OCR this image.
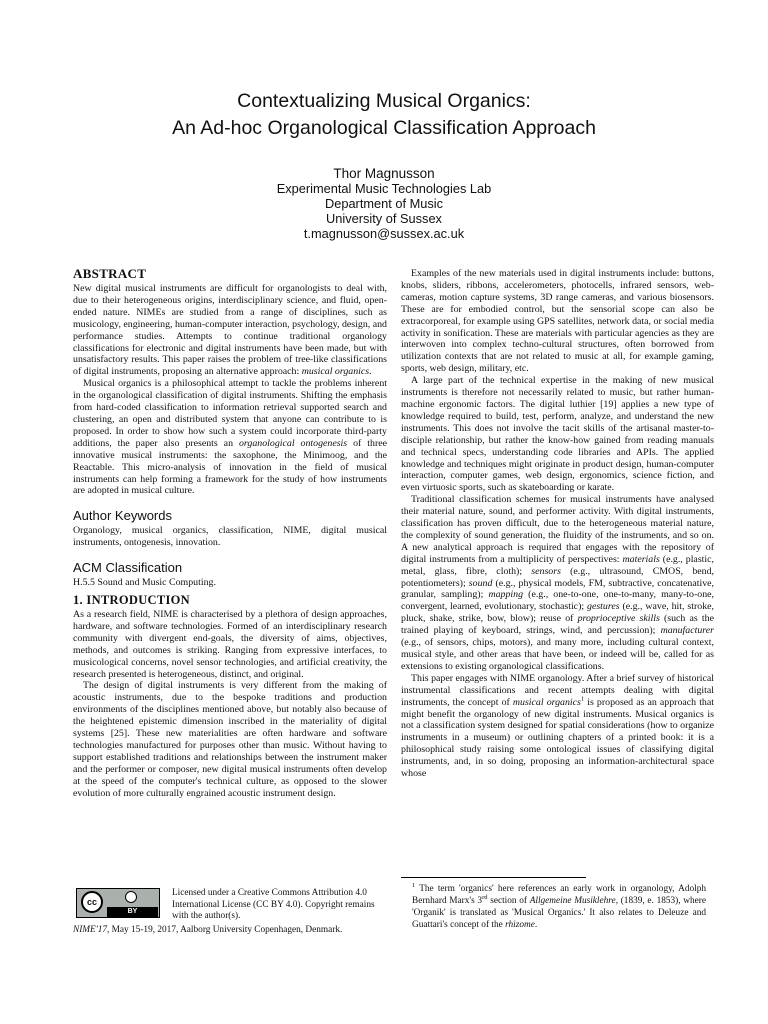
Contextualizing Musical Organics:
An Ad-hoc Organological Classification Approach
Thor Magnusson
Experimental Music Technologies Lab
Department of Music
University of Sussex
t.magnusson@sussex.ac.uk
ABSTRACT

New digital musical instruments are difficult for organologists to deal with, due to their heterogeneous origins, interdisciplinary science, and fluid, open-ended nature. NIMEs are studied from a range of disciplines, such as musicology, engineering, human-computer interaction, psychology, design, and performance studies. Attempts to continue traditional organology classifications for electronic and digital instruments have been made, but with unsatisfactory results. This paper raises the problem of tree-like classifications of digital instruments, proposing an alternative approach: musical organics.

Musical organics is a philosophical attempt to tackle the problems inherent in the organological classification of digital instruments. Shifting the emphasis from hard-coded classification to information retrieval supported search and clustering, an open and distributed system that anyone can contribute to is proposed. In order to show how such a system could incorporate third-party additions, the paper also presents an organological ontogenesis of three innovative musical instruments: the saxophone, the Minimoog, and the Reactable. This micro-analysis of innovation in the field of musical instruments can help forming a framework for the study of how instruments are adopted in musical culture.

Author Keywords

Organology, musical organics, classification, NIME, digital musical instruments, ontogenesis, innovation.

ACM Classification

H.5.5 Sound and Music Computing.

1. INTRODUCTION

As a research field, NIME is characterised by a plethora of design approaches, hardware, and software technologies. Formed of an interdisciplinary research community with divergent end-goals, the diversity of aims, objectives, methods, and outcomes is striking. Ranging from expressive interfaces, to musicological concerns, novel sensor technologies, and artificial creativity, the research presented is heterogeneous, distinct, and original.

The design of digital instruments is very different from the making of acoustic instruments, due to the bespoke traditions and production environments of the disciplines mentioned above, but notably also because of the heightened epistemic dimension inscribed in the materiality of digital systems [25]. These new materialities are often hardware and software technologies manufactured for purposes other than music. Without having to support established traditions and relationships between the instrument maker and the performer or composer, new digital musical instruments often develop at the speed of the computer's technical culture, as opposed to the slower evolution of more culturally engrained acoustic instrument design.

Examples of the new materials used in digital instruments include: buttons, knobs, sliders, ribbons, accelerometers, photocells, infrared sensors, web-cameras, motion capture systems, 3D range cameras, and various biosensors. These are for embodied control, but the sensorial scope can also be extracorporeal, for example using GPS satellites, network data, or social media activity in sonification. These are materials with particular agencies as they are interwoven into complex techno-cultural structures, often borrowed from utilization contexts that are not related to music at all, for example gaming, sports, web design, military, etc.

A large part of the technical expertise in the making of new musical instruments is therefore not necessarily related to music, but rather human-machine ergonomic factors. The digital luthier [19] applies a new type of knowledge required to build, test, perform, analyze, and understand the new instruments. This does not involve the tacit skills of the artisanal master-to-disciple relationship, but rather the know-how gained from reading manuals and technical specs, understanding code libraries and APIs. The applied knowledge and techniques might originate in product design, human-computer interaction, computer games, web design, ergonomics, science fiction, and even virtuosic sports, such as skateboarding or karate.

Traditional classification schemes for musical instruments have analysed their material nature, sound, and performer activity. With digital instruments, classification has proven difficult, due to the heterogeneous material nature, the complexity of sound generation, the fluidity of the instruments, and so on. A new analytical approach is required that engages with the repository of digital instruments from a multiplicity of perspectives: materials (e.g., plastic, metal, glass, fibre, cloth); sensors (e.g., ultrasound, CMOS, bend, potentiometers); sound (e.g., physical models, FM, subtractive, concatenative, granular, sampling); mapping (e.g., one-to-one, one-to-many, many-to-one, convergent, learned, evolutionary, stochastic); gestures (e.g., wave, hit, stroke, pluck, shake, strike, bow, blow); reuse of proprioceptive skills (such as the trained playing of keyboard, strings, wind, and percussion); manufacturer (e.g., of sensors, chips, motors), and many more, including cultural context, musical style, and other areas that have been, or indeed will be, called for as extensions to existing organological classifications.

This paper engages with NIME organology. After a brief survey of historical instrumental classifications and recent attempts dealing with digital instruments, the concept of musical organics$^1$ is proposed as an approach that might benefit the organology of new digital instruments. Musical organics is not a classification system designed for spatial considerations (how to organize instruments in a museum) or outlining chapters of a printed book: it is a philosophical study raising some ontological issues of classifying digital instruments, and, in so doing, proposing an information-architectural space whose

cc
BY
Licensed under a Creative Commons Attribution 4.0 International License (CC BY 4.0). Copyright remains with the author(s).
NIME'17, May 15-19, 2017, Aalborg University Copenhagen, Denmark.

$^1$ The term 'organics' here references an early work in organology, Adolph Bernhard Marx's 3rd section of Allgemeine Musiklehre, (1839, e. 1853), where 'Organik' is translated as 'Musical Organics.' It also relates to Deleuze and Guattari's concept of the rhizome.
